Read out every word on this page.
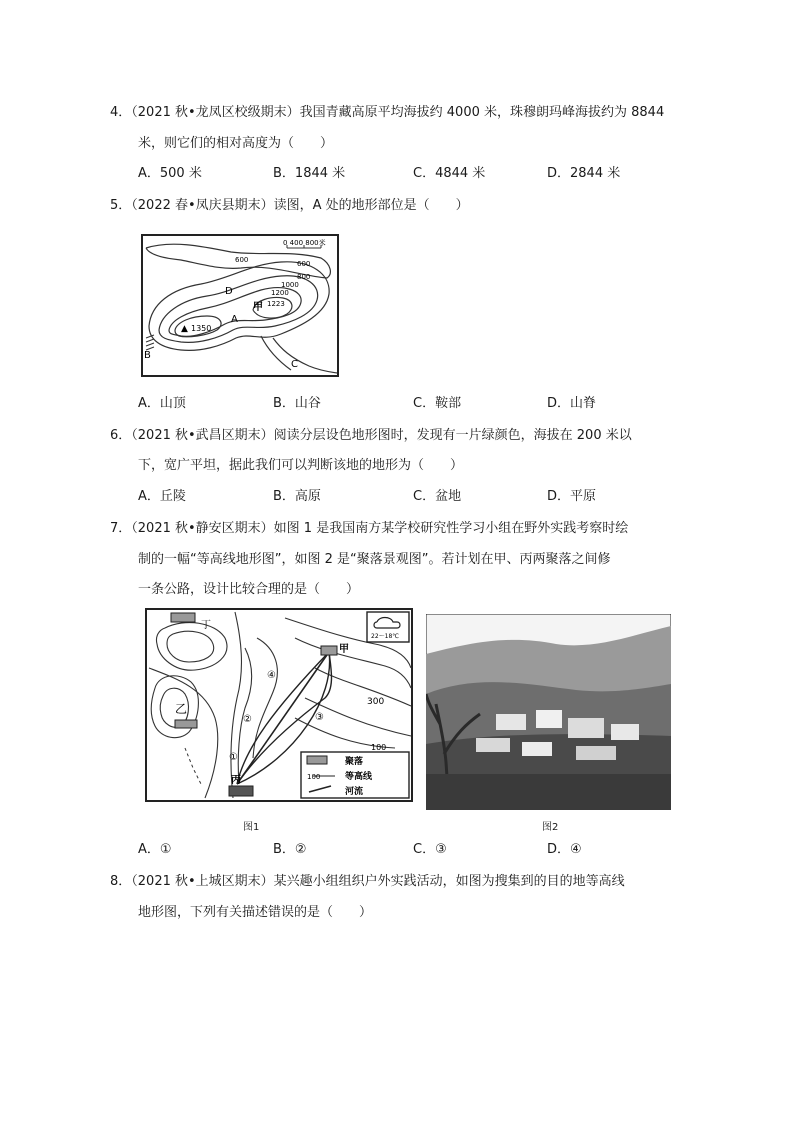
4．（2021 秋•龙凤区校级期末）我国青藏高原平均海拔约 4000 米，珠穆朗玛峰海拔约为 8844
米，则它们的相对高度为（　　）
A．500 米	B．1844 米	C．4844 米	D．2844 米
5．（2022 春•凤庆县期末）读图，A 处的地形部位是（　　）
0 400 800米
600	600
800
1000
1200
1223
▲ 1350
D
A
B
C
甲
A．山顶	B．山谷	C．鞍部	D．山脊
6．（2021 秋•武昌区期末）阅读分层设色地形图时，发现有一片绿颜色，海拔在 200 米以
下，宽广平坦，据此我们可以判断该地的地形为（　　）
A．丘陵	B．高原	C．盆地	D．平原
7．（2021 秋•静安区期末）如图 1 是我国南方某学校研究性学习小组在野外实践考察时绘
制的一幅“等高线地形图”，如图 2 是“聚落景观图”。若计划在甲、丙两聚落之间修
一条公路，设计比较合理的是（　　）
丁
乙
甲
丙
300
100
①
②	③
④
22～18℃
聚落
100	等高线
河流
图1	图2
A．①	B．②	C．③	D．④
8．（2021 秋•上城区期末）某兴趣小组组织户外实践活动，如图为搜集到的目的地等高线
地形图，下列有关描述错误的是（　　）
